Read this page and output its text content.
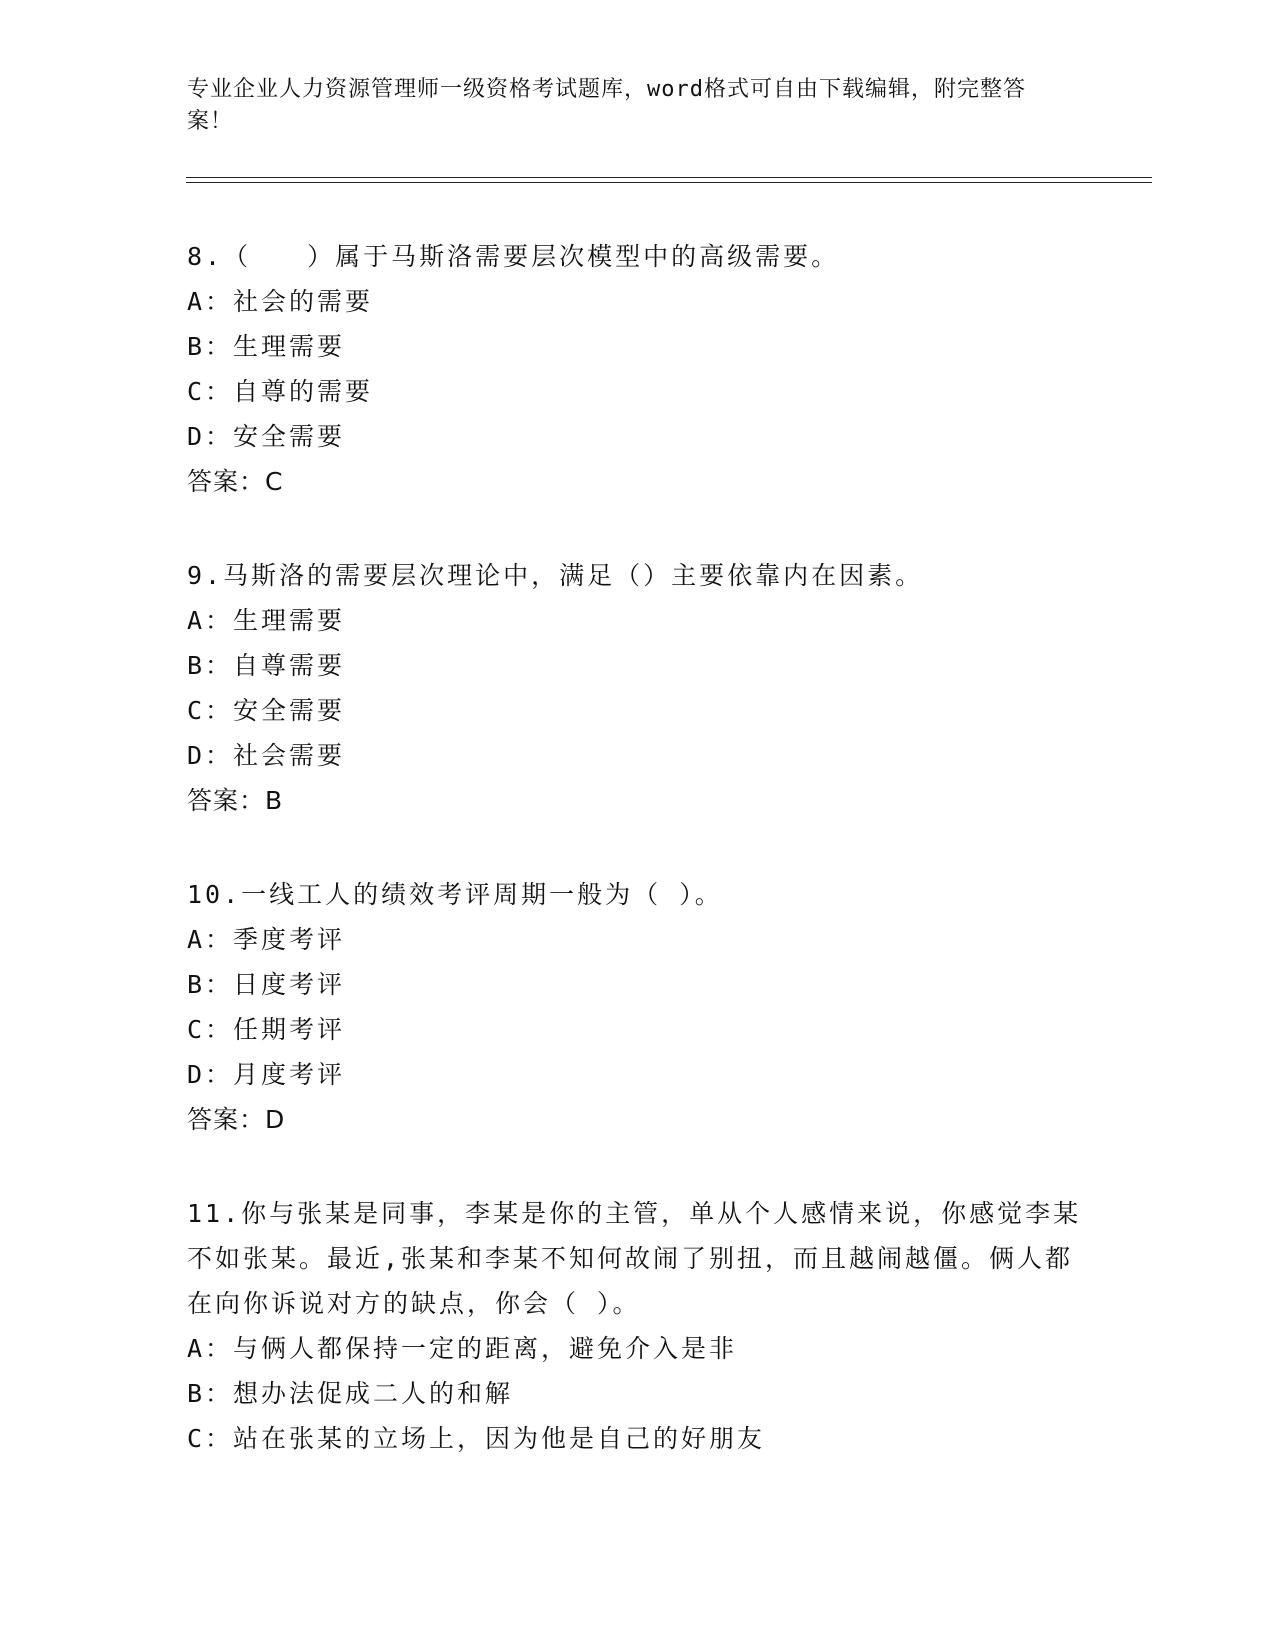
专业企业人力资源管理师一级资格考试题库，word格式可自由下载编辑，附完整答案！

8.（　　）属于马斯洛需要层次模型中的高级需要。

A：社会的需要

B：生理需要

C：自尊的需要

D：安全需要

答案：C

9.马斯洛的需要层次理论中，满足（）主要依靠内在因素。

A：生理需要

B：自尊需要

C：安全需要

D：社会需要

答案：B

10.一线工人的绩效考评周期一般为（ ）。

A：季度考评

B：日度考评

C：任期考评

D：月度考评

答案：D

11.你与张某是同事，李某是你的主管，单从个人感情来说，你感觉李某不如张某。最近,张某和李某不知何故闹了别扭，而且越闹越僵。俩人都在向你诉说对方的缺点，你会（ ）。

A：与俩人都保持一定的距离，避免介入是非

B：想办法促成二人的和解

C：站在张某的立场上，因为他是自己的好朋友
